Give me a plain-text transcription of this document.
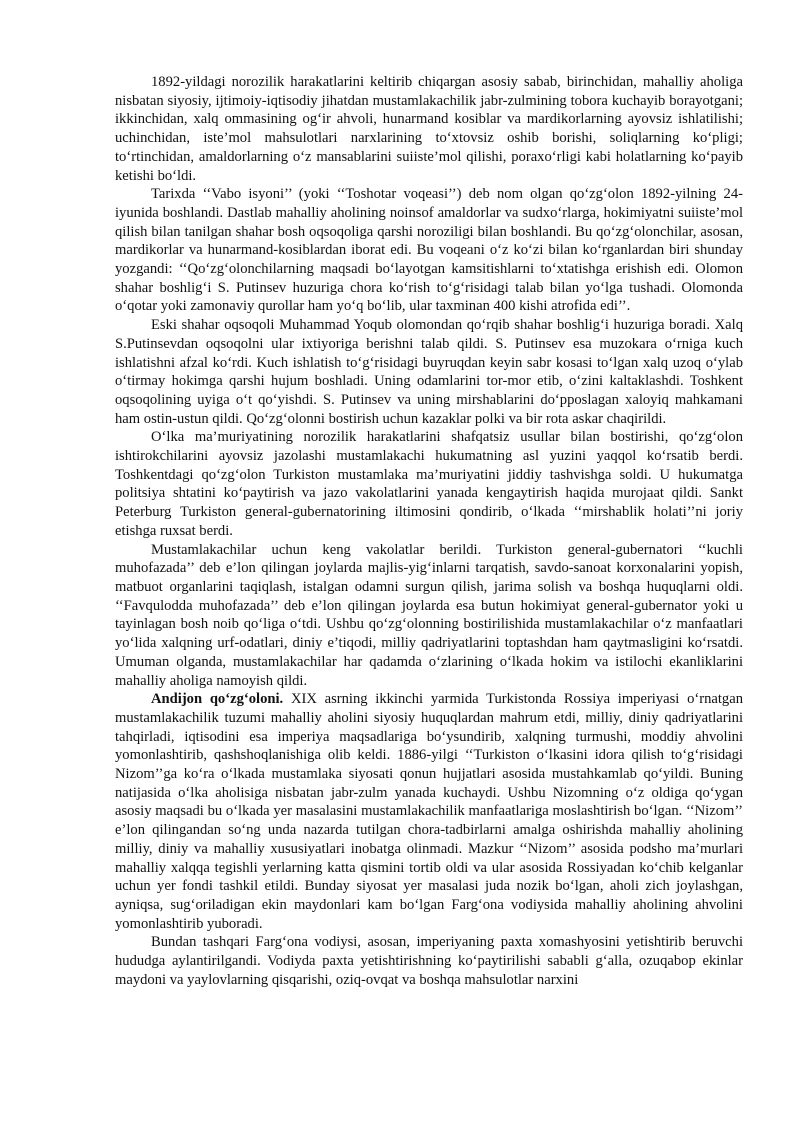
1892-yildagi norozilik harakatlarini keltirib chiqargan asosiy sabab, birinchidan, mahalliy aholiga nisbatan siyosiy, ijtimoiy-iqtisodiy jihatdan mustamlakachilik jabr-zulmining tobora kuchayib borayotgani; ikkinchidan, xalq ommasining og‘ir ahvoli, hunarmand kosiblar va mardikorlarning ayovsiz ishlatilishi; uchinchidan, iste’mol mahsulotlari narxlarining to‘xtovsiz oshib borishi, soliqlarning ko‘pligi; to‘rtinchidan, amaldorlarning o‘z mansablarini suiiste’mol qilishi, poraxo‘rligi kabi holatlarning ko‘payib ketishi bo‘ldi.

Tarixda ‘‘Vabo isyoni’’ (yoki ‘‘Toshotar voqeasi’’) deb nom olgan qo‘zg‘olon 1892-yilning 24-iyunida boshlandi. Dastlab mahalliy aholining noinsof amaldorlar va sudxo‘rlarga, hokimiyatni suiiste’mol qilish bilan tanilgan shahar bosh oqsoqoliga qarshi noroziligi bilan boshlandi. Bu qo‘zg‘olonchilar, asosan, mardikorlar va hunarmand-kosiblardan iborat edi. Bu voqeani o‘z ko‘zi bilan ko‘rganlardan biri shunday yozgandi: ‘‘Qo‘zg‘olonchilarning maqsadi bo‘layotgan kamsitishlarni to‘xtatishga erishish edi. Olomon shahar boshlig‘i S. Putinsev huzuriga chora ko‘rish to‘g‘risidagi talab bilan yo‘lga tushadi. Olomonda o‘qotar yoki zamonaviy qurollar ham yo‘q bo‘lib, ular taxminan 400 kishi atrofida edi’’.

Eski shahar oqsoqoli Muhammad Yoqub olomondan qo‘rqib shahar boshlig‘i huzuriga boradi. Xalq S.Putinsevdan oqsoqolni ular ixtiyoriga berishni talab qildi. S. Putinsev esa muzokara o‘rniga kuch ishlatishni afzal ko‘rdi. Kuch ishlatish to‘g‘risidagi buyruqdan keyin sabr kosasi to‘lgan xalq uzoq o‘ylab o‘tirmay hokimga qarshi hujum boshladi. Uning odamlarini tor-mor etib, o‘zini kaltaklashdi. Toshkent oqsoqolining uyiga o‘t qo‘yishdi. S. Putinsev va uning mirshablarini do‘pposlagan xaloyiq mahkamani ham ostin-ustun qildi. Qo‘zg‘olonni bostirish uchun kazaklar polki va bir rota askar chaqirildi.

O‘lka ma’muriyatining norozilik harakatlarini shafqatsiz usullar bilan bostirishi, qo‘zg‘olon ishtirokchilarini ayovsiz jazolashi mustamlakachi hukumatning asl yuzini yaqqol ko‘rsatib berdi. Toshkentdagi qo‘zg‘olon Turkiston mustamlaka ma’muriyatini jiddiy tashvishga soldi. U hukumatga politsiya shtatini ko‘paytirish va jazo vakolatlarini yanada kengaytirish haqida murojaat qildi. Sankt Peterburg Turkiston general-gubernatorining iltimosini qondirib, o‘lkada ‘‘mirshablik holati’’ni joriy etishga ruxsat berdi.

Mustamlakachilar uchun keng vakolatlar berildi. Turkiston general-gubernatori ‘‘kuchli muhofazada’’ deb e’lon qilingan joylarda majlis-yig‘inlarni tarqatish, savdo-sanoat korxonalarini yopish, matbuot organlarini taqiqlash, istalgan odamni surgun qilish, jarima solish va boshqa huquqlarni oldi. ‘‘Favqulodda muhofazada’’ deb e’lon qilingan joylarda esa butun hokimiyat general-gubernator yoki u tayinlagan bosh noib qo‘liga o‘tdi. Ushbu qo‘zg‘olonning bostirilishida mustamlakachilar o‘z manfaatlari yo‘lida xalqning urf-odatlari, diniy e’tiqodi, milliy qadriyatlarini toptashdan ham qaytmasligini ko‘rsatdi. Umuman olganda, mustamlakachilar har qadamda o‘zlarining o‘lkada hokim va istilochi ekanliklarini mahalliy aholiga namoyish qildi.

Andijon qo‘zg‘oloni. XIX asrning ikkinchi yarmida Turkistonda Rossiya imperiyasi o‘rnatgan mustamlakachilik tuzumi mahalliy aholini siyosiy huquqlardan mahrum etdi, milliy, diniy qadriyatlarini tahqirladi, iqtisodini esa imperiya maqsadlariga bo‘ysundirib, xalqning turmushi, moddiy ahvolini yomonlashtirib, qashshoqlanishiga olib keldi. 1886-yilgi ‘‘Turkiston o‘lkasini idora qilish to‘g‘risidagi Nizom’’ga ko‘ra o‘lkada mustamlaka siyosati qonun hujjatlari asosida mustahkamlab qo‘yildi. Buning natijasida o‘lka aholisiga nisbatan jabr-zulm yanada kuchaydi. Ushbu Nizomning o‘z oldiga qo‘ygan asosiy maqsadi bu o‘lkada yer masalasini mustamlakachilik manfaatlariga moslashtirish bo‘lgan. ‘‘Nizom’’ e’lon qilingandan so‘ng unda nazarda tutilgan chora-tadbirlarni amalga oshirishda mahalliy aholining milliy, diniy va mahalliy xususiyatlari inobatga olinmadi. Mazkur ‘‘Nizom’’ asosida podsho ma’murlari mahalliy xalqqa tegishli yerlarning katta qismini tortib oldi va ular asosida Rossiyadan ko‘chib kelganlar uchun yer fondi tashkil etildi. Bunday siyosat yer masalasi juda nozik bo‘lgan, aholi zich joylashgan, ayniqsa, sug‘oriladigan ekin maydonlari kam bo‘lgan Farg‘ona vodiysida mahalliy aholining ahvolini yomonlashtirib yuboradi.

Bundan tashqari Farg‘ona vodiysi, asosan, imperiyaning paxta xomashyosini yetishtirib beruvchi hududga aylantirilgandi. Vodiyda paxta yetishtirishning ko‘paytirilishi sababli g‘alla, ozuqabop ekinlar maydoni va yaylovlarning qisqarishi, oziq-ovqat va boshqa mahsulotlar narxini
